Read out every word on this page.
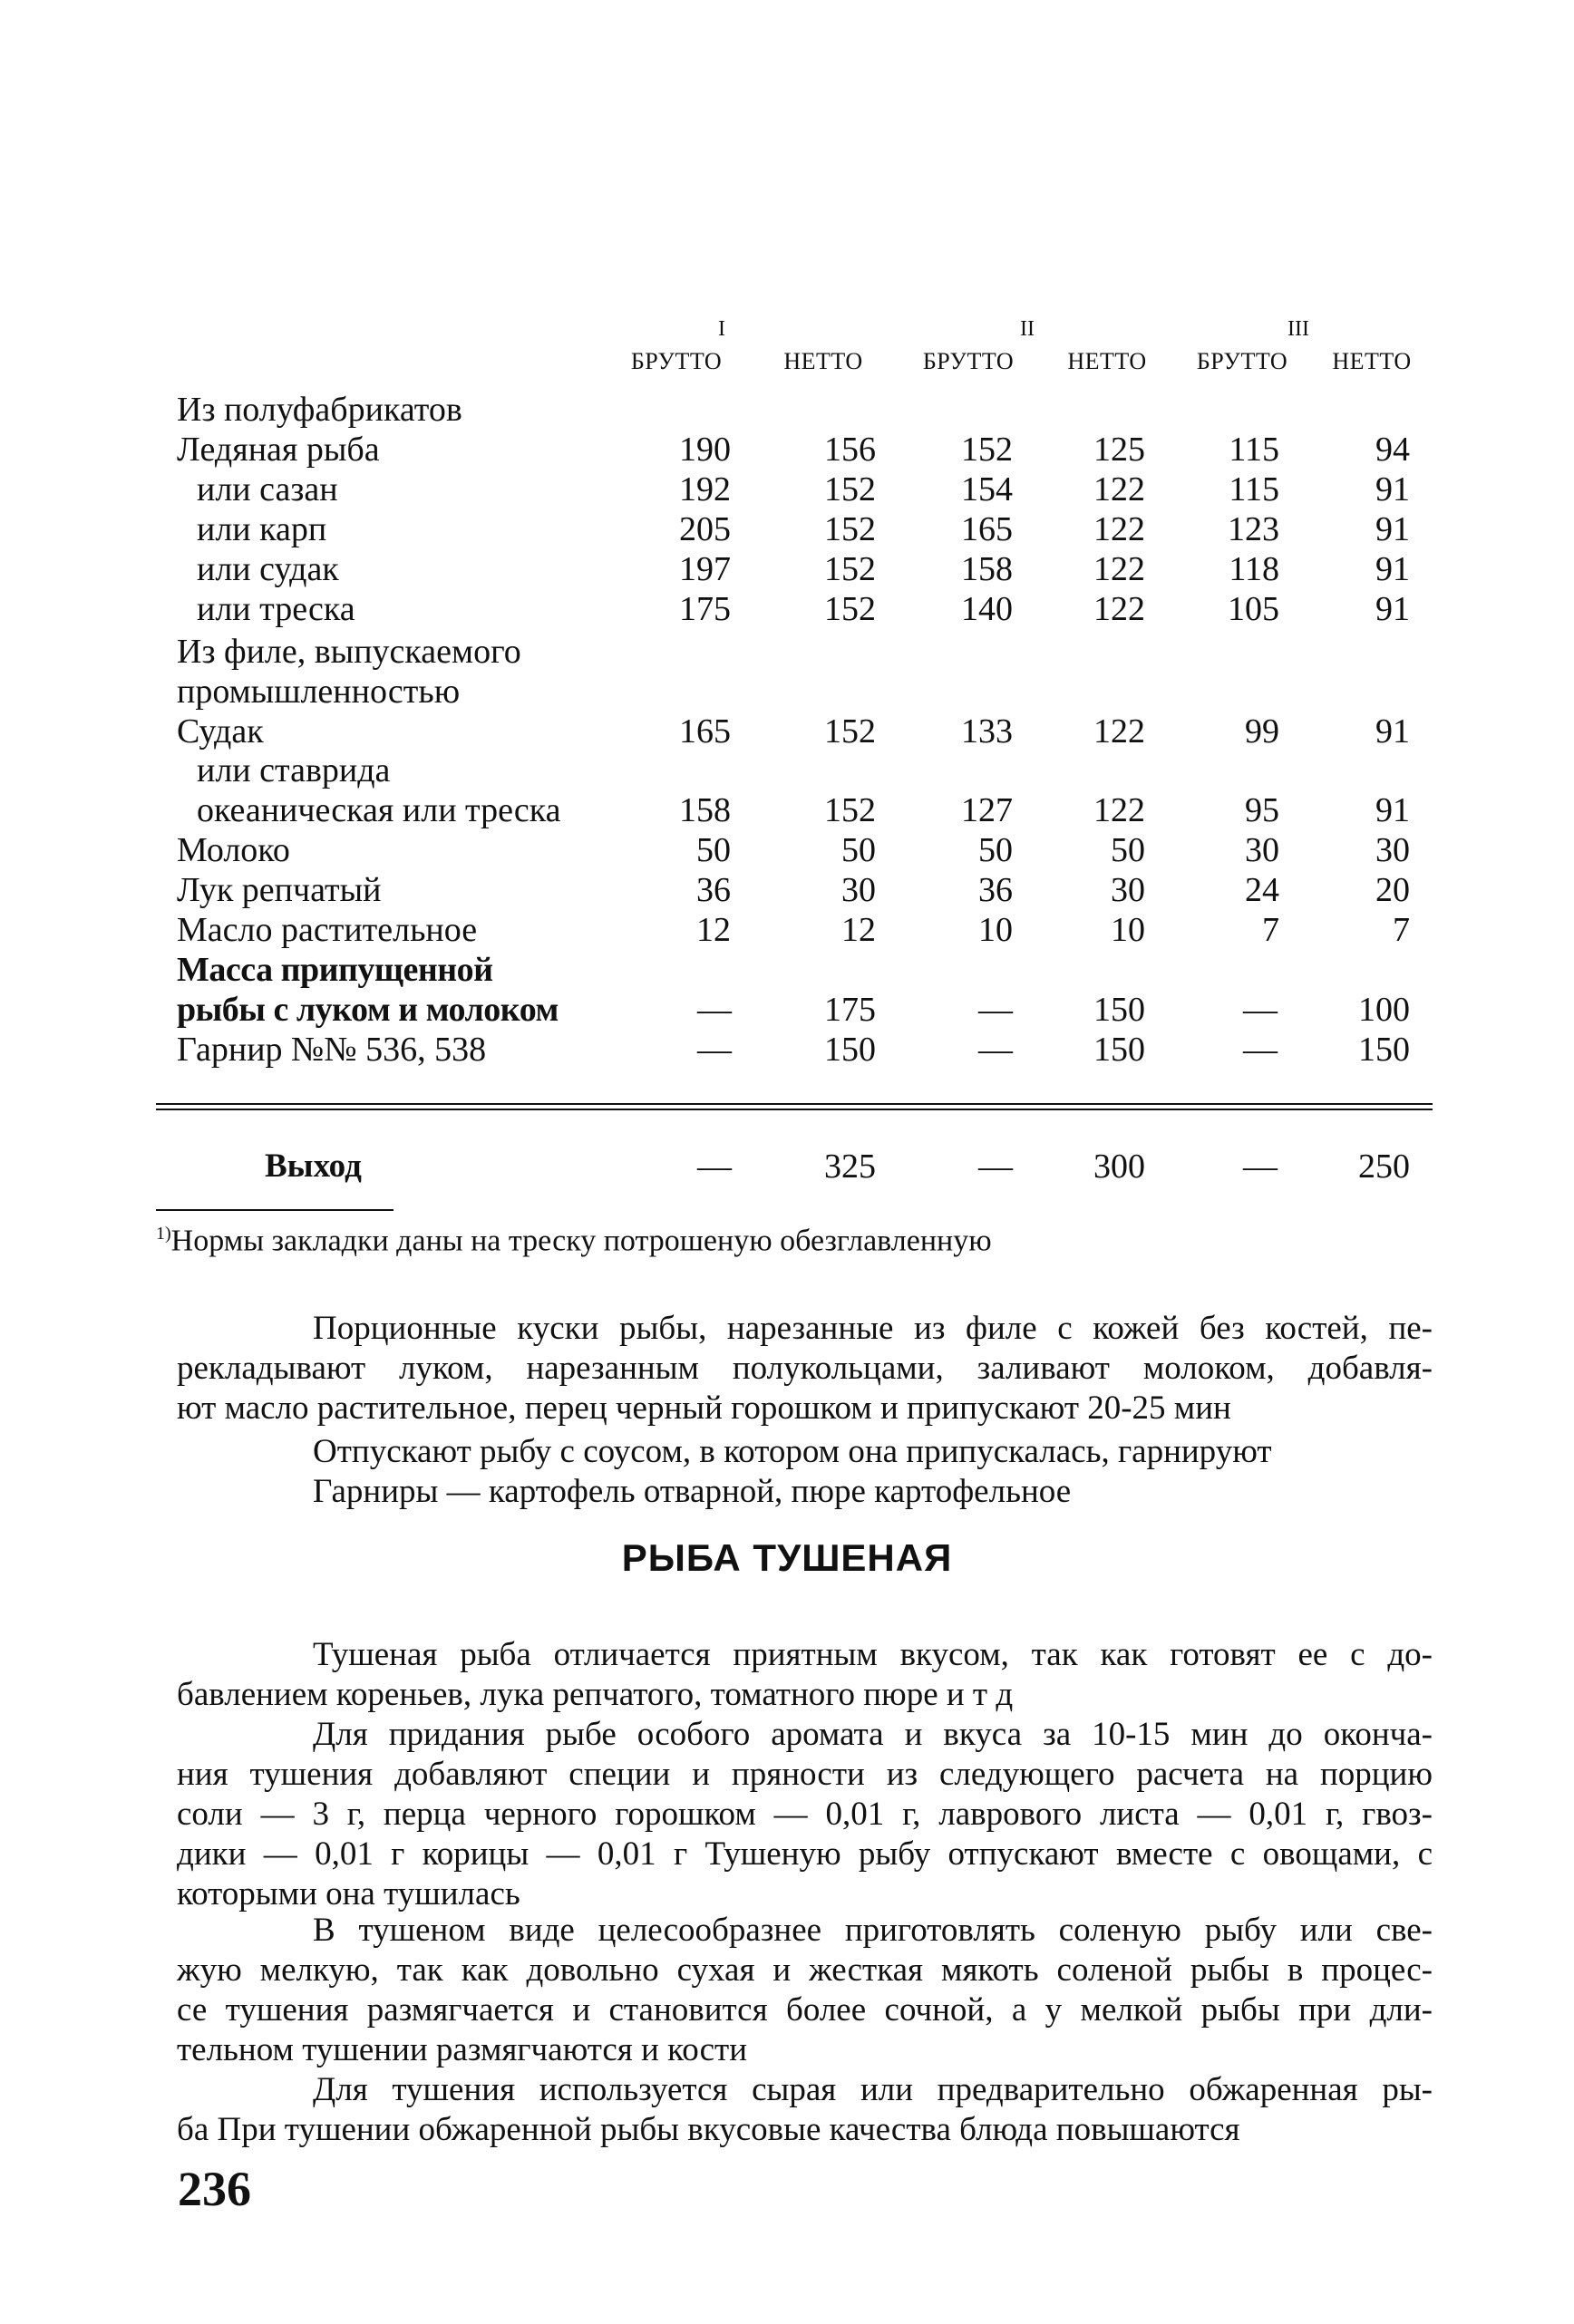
I	II	III
БРУТТО	НЕТТО	БРУТТО	НЕТТО	БРУТТО	НЕТТО
Из полуфабрикатов
Ледяная рыба	190	156	152	125	115	94
или сазан	192	152	154	122	115	91
или карп	205	152	165	122	123	91
или судак	197	152	158	122	118	91
или треска	175	152	140	122	105	91
Из филе, выпускаемого
промышленностью
Судак	165	152	133	122	99	91
или ставрида
океаническая или треска	158	152	127	122	95	91
Молоко	50	50	50	50	30	30
Лук репчатый	36	30	36	30	24	20
Масло растительное	12	12	10	10	7	7
Масса припущенной
рыбы с луком и молоком	—	175	—	150	—	100
Гарнир №№ 536, 538	—	150	—	150	—	150
Выход	—	325	—	300	—	250
$^{1)}$Нормы закладки даны на треску потрошеную обезглавленную
Порционные куски рыбы, нарезанные из филе с кожей без костей, пе-
рекладывают луком, нарезанным полукольцами, заливают молоком, добавля-
ют масло растительное, перец черный горошком и припускают 20-25 мин
Отпускают рыбу с соусом, в котором она припускалась, гарнируют
Гарниры — картофель отварной, пюре картофельное
РЫБА ТУШЕНАЯ
Тушеная рыба отличается приятным вкусом, так как готовят ее с до-
бавлением кореньев, лука репчатого, томатного пюре и т д
Для придания рыбе особого аромата и вкуса за 10-15 мин до оконча-
ния тушения добавляют специи и пряности из следующего расчета на порцию
соли — 3 г, перца черного горошком — 0,01 г, лаврового листа — 0,01 г, гвоз-
дики — 0,01 г корицы — 0,01 г Тушеную рыбу отпускают вместе с овощами, с
которыми она тушилась
В тушеном виде целесообразнее приготовлять соленую рыбу или све-
жую мелкую, так как довольно сухая и жесткая мякоть соленой рыбы в процес-
се тушения размягчается и становится более сочной, а у мелкой рыбы при дли-
тельном тушении размягчаются и кости
Для тушения используется сырая или предварительно обжаренная ры-
ба При тушении обжаренной рыбы вкусовые качества блюда повышаются
236
